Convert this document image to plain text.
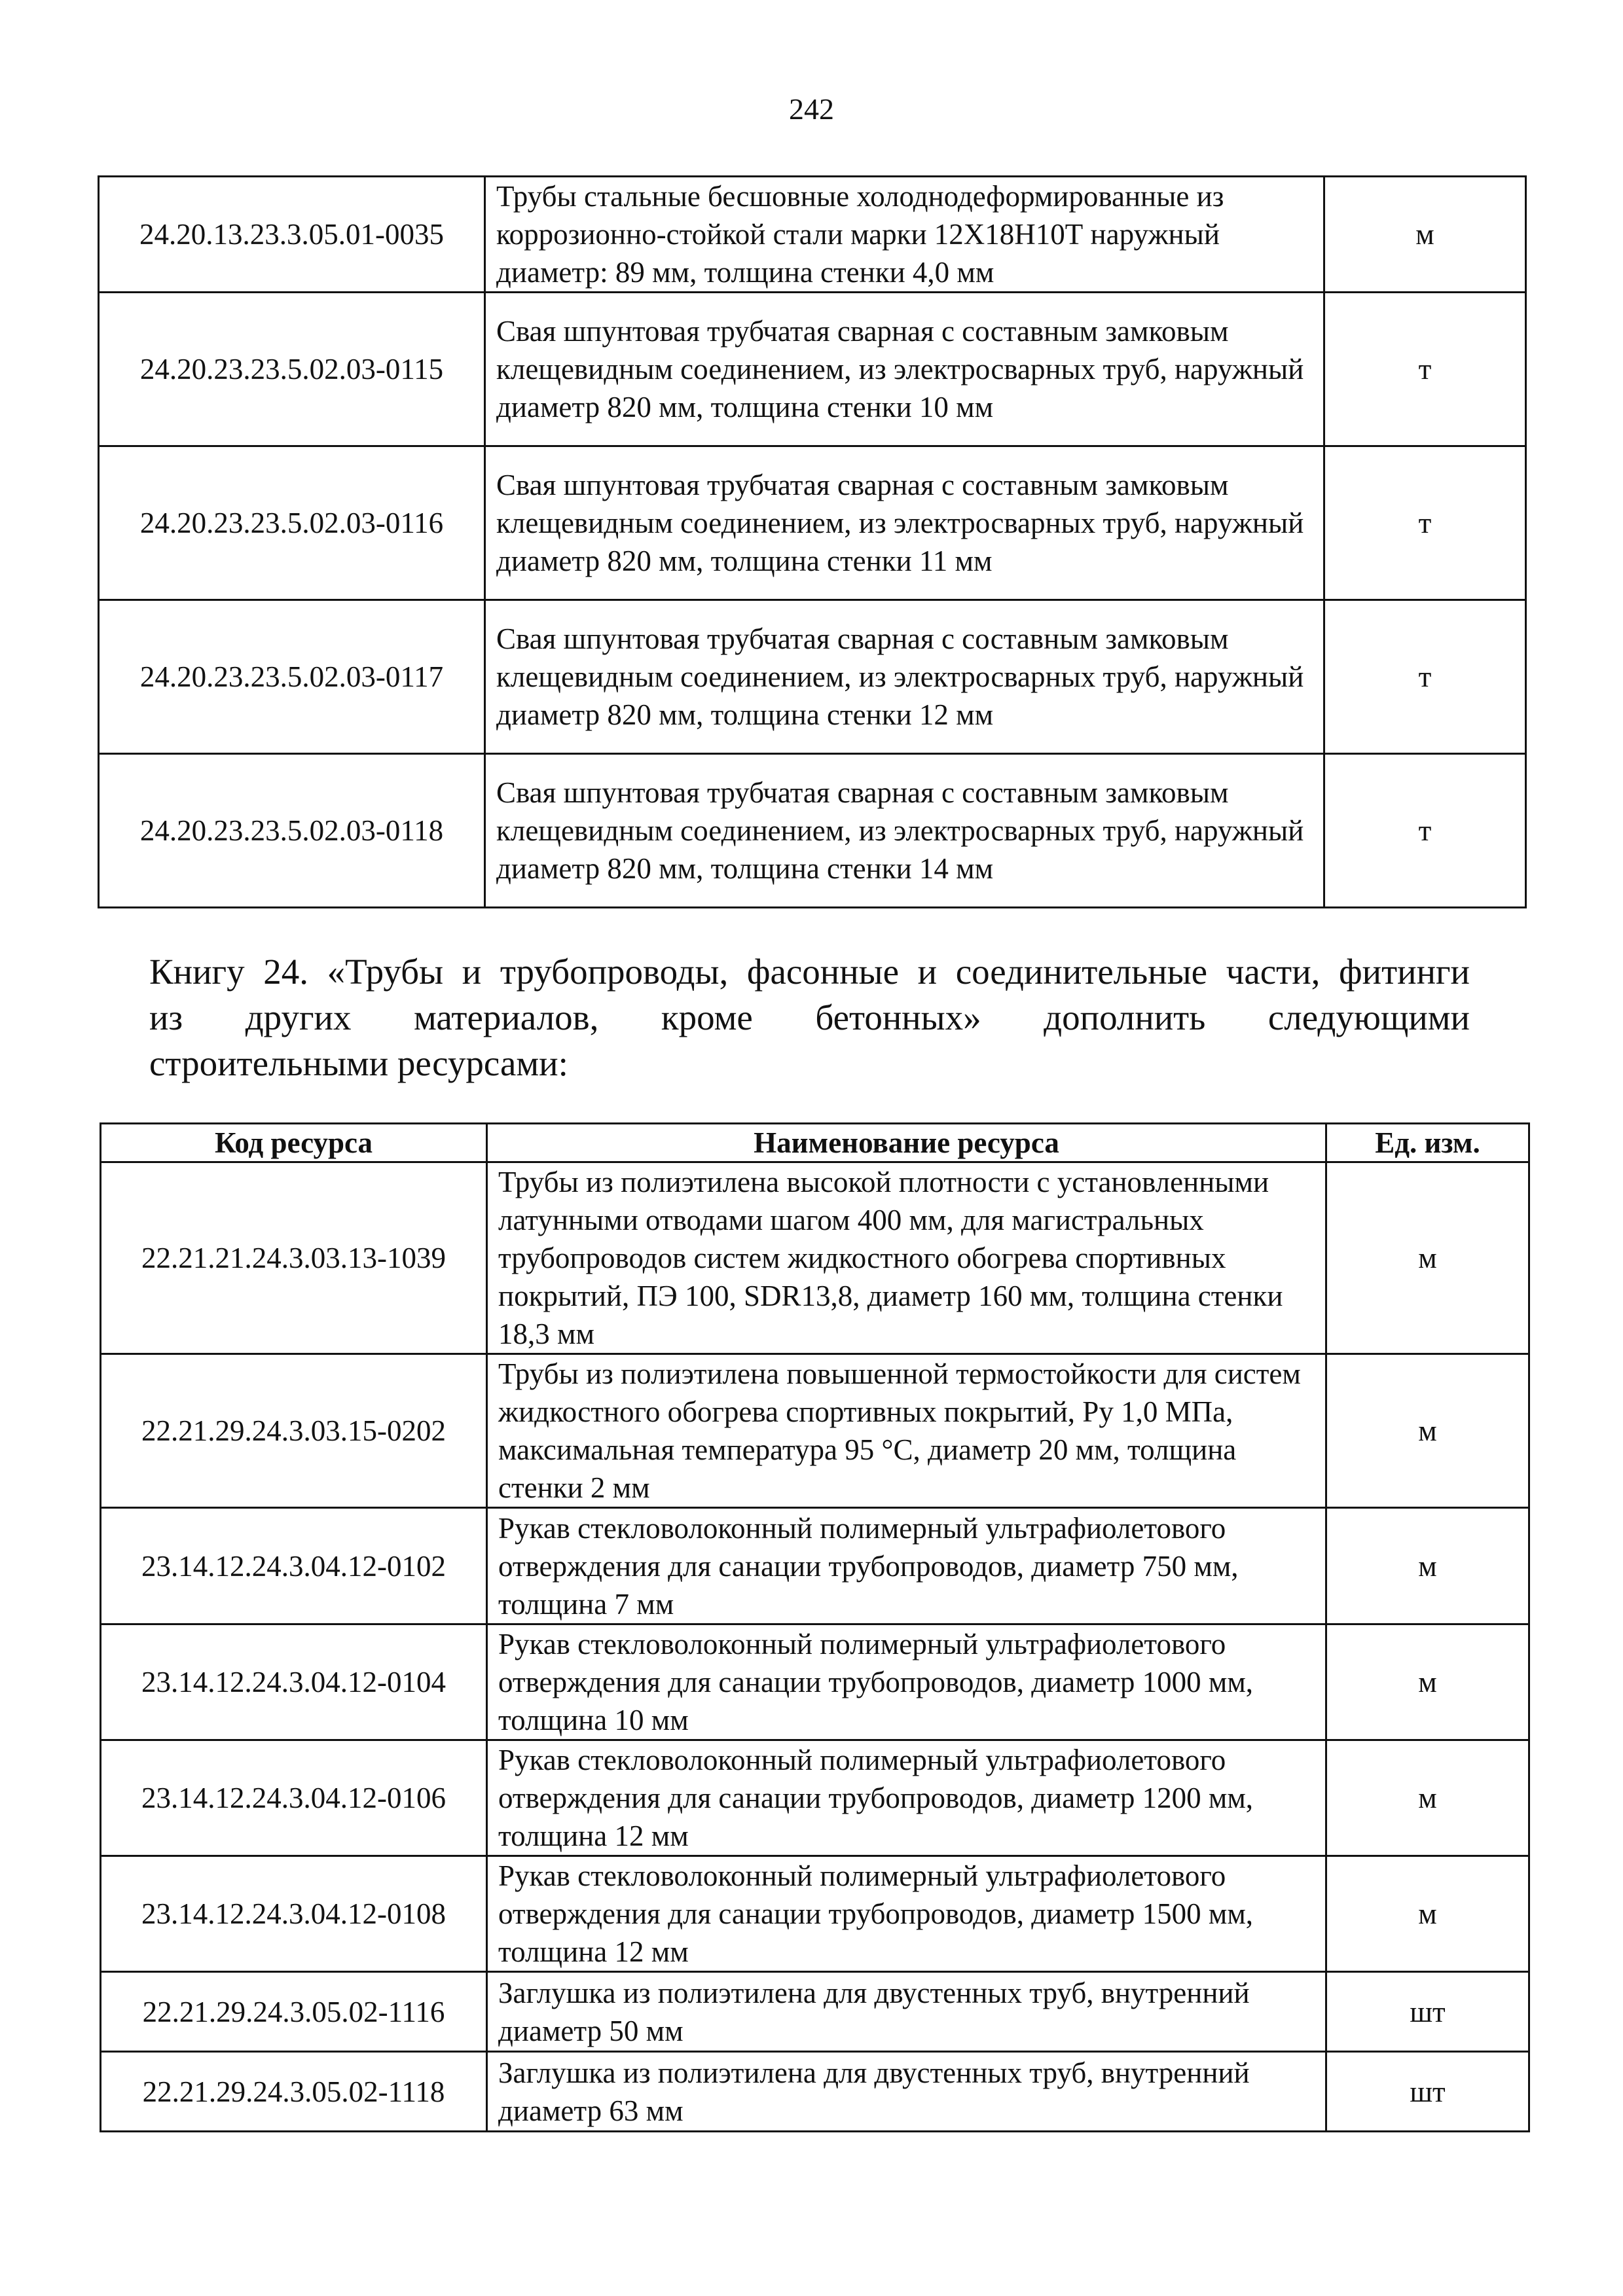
242
24.20.13.23.3.05.01-0035	Трубы стальные бесшовные холоднодеформированные из коррозионно-стойкой стали марки 12Х18Н10Т наружный диаметр: 89 мм, толщина стенки 4,0 мм	м
24.20.23.23.5.02.03-0115	Свая шпунтовая трубчатая сварная с составным замковым клещевидным соединением, из электросварных труб, наружный диаметр 820 мм, толщина стенки 10 мм	т
24.20.23.23.5.02.03-0116	Свая шпунтовая трубчатая сварная с составным замковым клещевидным соединением, из электросварных труб, наружный диаметр 820 мм, толщина стенки 11 мм	т
24.20.23.23.5.02.03-0117	Свая шпунтовая трубчатая сварная с составным замковым клещевидным соединением, из электросварных труб, наружный диаметр 820 мм, толщина стенки 12 мм	т
24.20.23.23.5.02.03-0118	Свая шпунтовая трубчатая сварная с составным замковым клещевидным соединением, из электросварных труб, наружный диаметр 820 мм, толщина стенки 14 мм	т
Книгу 24. «Трубы и трубопроводы, фасонные и соединительные части, фитинги
из других материалов, кроме бетонных» дополнить следующими
строительными ресурсами:
Код ресурса	Наименование ресурса	Ед. изм.
22.21.21.24.3.03.13-1039	Трубы из полиэтилена высокой плотности с установленными латунными отводами шагом 400 мм, для магистральных трубопроводов систем жидкостного обогрева спортивных покрытий, ПЭ 100, SDR13,8, диаметр 160 мм, толщина стенки 18,3 мм	м
22.21.29.24.3.03.15-0202	Трубы из полиэтилена повышенной термостойкости для систем жидкостного обогрева спортивных покрытий, Ру 1,0 МПа, максимальная температура 95 °С, диаметр 20 мм, толщина стенки 2 мм	м
23.14.12.24.3.04.12-0102	Рукав стекловолоконный полимерный ультрафиолетового отверждения для санации трубопроводов, диаметр 750 мм, толщина 7 мм	м
23.14.12.24.3.04.12-0104	Рукав стекловолоконный полимерный ультрафиолетового отверждения для санации трубопроводов, диаметр 1000 мм, толщина 10 мм	м
23.14.12.24.3.04.12-0106	Рукав стекловолоконный полимерный ультрафиолетового отверждения для санации трубопроводов, диаметр 1200 мм, толщина 12 мм	м
23.14.12.24.3.04.12-0108	Рукав стекловолоконный полимерный ультрафиолетового отверждения для санации трубопроводов, диаметр 1500 мм, толщина 12 мм	м
22.21.29.24.3.05.02-1116	Заглушка из полиэтилена для двустенных труб, внутренний диаметр 50 мм	шт
22.21.29.24.3.05.02-1118	Заглушка из полиэтилена для двустенных труб, внутренний диаметр 63 мм	шт
